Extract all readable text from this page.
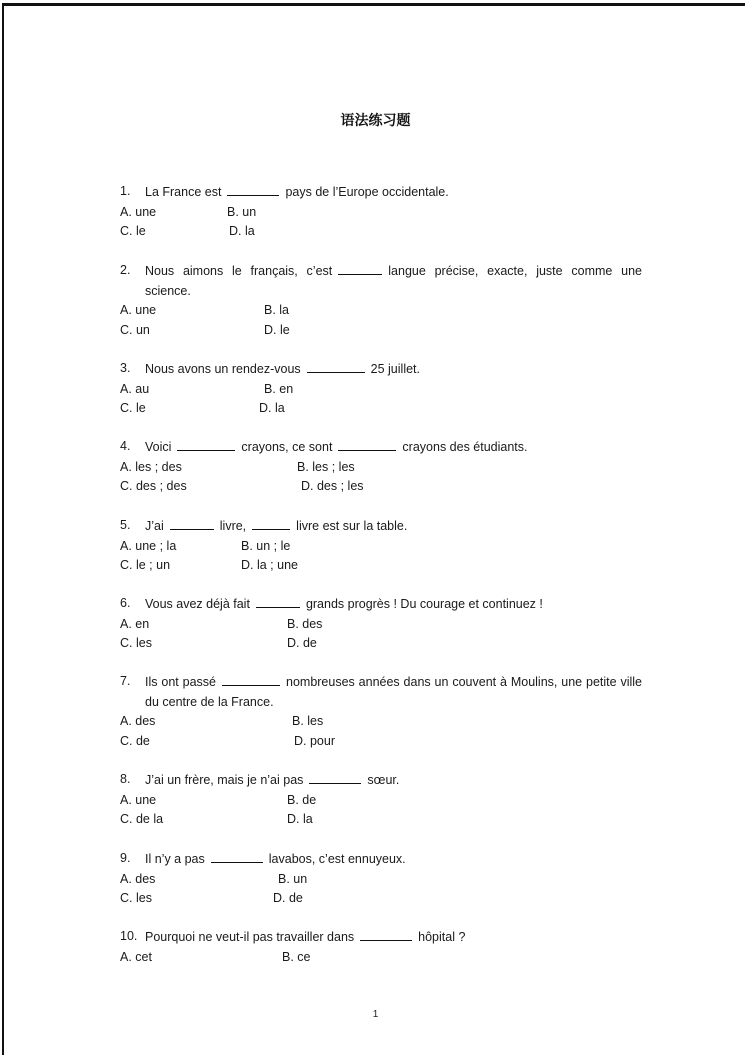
语法练习题
1. La France est	pays de l’Europe occidentale.
A. une	B. un
C. le	D. la
2. Nous aimons le français, c’est	langue précise, exacte, juste comme une science.
A. une	B. la
C. un	D. le
3. Nous avons un rendez-vous	25 juillet.
A. au	B. en
C. le	D. la
4. Voici	crayons, ce sont	crayons des étudiants.
A. les ; des	B. les ; les
C. des ; des	D. des ; les
5. J’ai	livre,	livre est sur la table.
A. une ; la	B. un ; le
C. le ; un	D. la ; une
6. Vous avez déjà fait	grands progrès ! Du courage et continuez !
A. en	B. des
C. les	D. de
7. Ils ont passé	nombreuses années dans un couvent à Moulins, une petite ville du centre de la France.
A. des	B. les
C. de	D. pour
8. J’ai un frère, mais je n’ai pas	sœur.
A. une	B. de
C. de la	D. la
9. Il n’y a pas	lavabos, c’est ennuyeux.
A. des	B. un
C. les	D. de
10. Pourquoi ne veut-il pas travailler dans	hôpital ?
A. cet	B. ce
1
